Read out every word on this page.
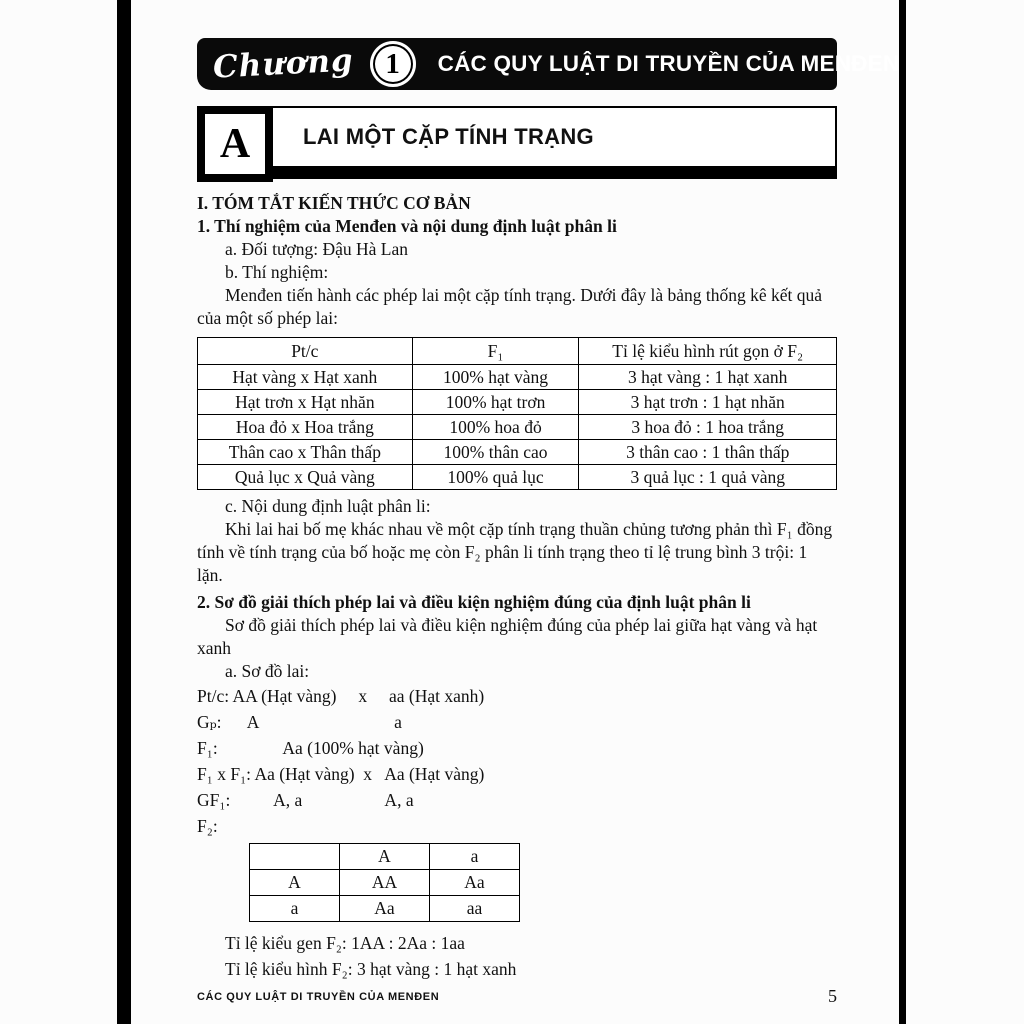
Chương	1	CÁC QUY LUẬT DI TRUYỀN CỦA MENĐEN
A	LAI MỘT CẶP TÍNH TRẠNG
I. TÓM TẮT KIẾN THỨC CƠ BẢN
1. Thí nghiệm của Menđen và nội dung định luật phân li
a. Đối tượng: Đậu Hà Lan
b. Thí nghiệm:
Menđen tiến hành các phép lai một cặp tính trạng. Dưới đây là bảng thống kê kết quả của một số phép lai:
Pt/c	F₁	Tỉ lệ kiểu hình rút gọn ở F₂
Hạt vàng x Hạt xanh	100% hạt vàng	3 hạt vàng : 1 hạt xanh
Hạt trơn x Hạt nhăn	100% hạt trơn	3 hạt trơn : 1 hạt nhăn
Hoa đỏ x Hoa trắng	100% hoa đỏ	3 hoa đỏ : 1 hoa trắng
Thân cao x Thân thấp	100% thân cao	3 thân cao : 1 thân thấp
Quả lục x Quả vàng	100% quả lục	3 quả lục : 1 quả vàng
c. Nội dung định luật phân li:
Khi lai hai bố mẹ khác nhau về một cặp tính trạng thuần chủng tương phản thì F₁ đồng tính về tính trạng của bố hoặc mẹ còn F₂ phân li tính trạng theo tỉ lệ trung bình 3 trội: 1 lặn.
2. Sơ đồ giải thích phép lai và điều kiện nghiệm đúng của định luật phân li
Sơ đồ giải thích phép lai và điều kiện nghiệm đúng của phép lai giữa hạt vàng và hạt xanh
a. Sơ đồ lai:
Pt/c: AA (Hạt vàng)     x     aa (Hạt xanh)
Gₚ:      A                               a
F₁:               Aa (100% hạt vàng)
F₁ x F₁: Aa (Hạt vàng)  x   Aa (Hạt vàng)
GF₁:          A, a                   A, a
F₂:
	A	a
A	AA	Aa
a	Aa	aa
Tỉ lệ kiểu gen F₂: 1AA : 2Aa : 1aa
Tỉ lệ kiểu hình F₂: 3 hạt vàng : 1 hạt xanh
CÁC QUY LUẬT DI TRUYỀN CỦA MENĐEN	5
